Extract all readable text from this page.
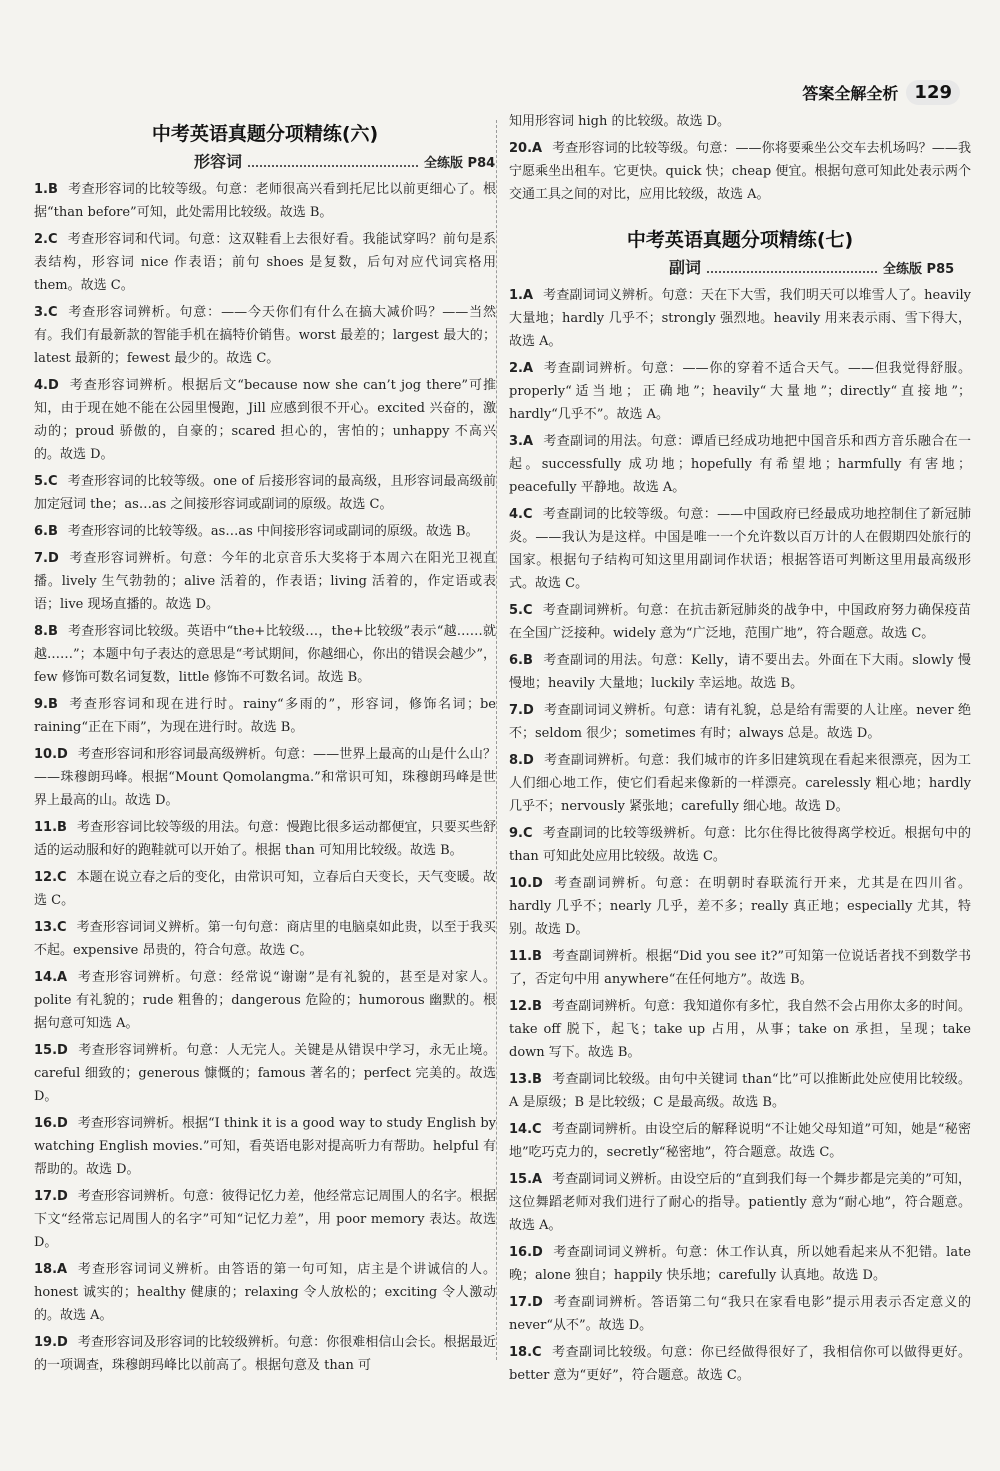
答案全解全析 129
中考英语真题分项精练(六)
形容词	全练版 P84
1.B 考查形容词的比较等级。句意：老师很高兴看到托尼比以前更细心了。根据“than before”可知，此处需用比较级。故选 B。
2.C 考查形容词和代词。句意：这双鞋看上去很好看。我能试穿吗？前句是系表结构，形容词 nice 作表语；前句 shoes 是复数，后句对应代词宾格用 them。故选 C。
3.C 考查形容词辨析。句意：——今天你们有什么在搞大减价吗？——当然有。我们有最新款的智能手机在搞特价销售。worst 最差的；largest 最大的；latest 最新的；fewest 最少的。故选 C。
4.D 考查形容词辨析。根据后文“because now she can’t jog there”可推知，由于现在她不能在公园里慢跑，Jill 应感到很不开心。excited 兴奋的，激动的；proud 骄傲的，自豪的；scared 担心的，害怕的；unhappy 不高兴的。故选 D。
5.C 考查形容词的比较等级。one of 后接形容词的最高级，且形容词最高级前加定冠词 the；as…as 之间接形容词或副词的原级。故选 C。
6.B 考查形容词的比较等级。as…as 中间接形容词或副词的原级。故选 B。
7.D 考查形容词辨析。句意：今年的北京音乐大奖将于本周六在阳光卫视直播。lively 生气勃勃的；alive 活着的，作表语；living 活着的，作定语或表语；live 现场直播的。故选 D。
8.B 考查形容词比较级。英语中“the+比较级…，the+比较级”表示“越……就越……”；本题中句子表达的意思是“考试期间，你越细心，你出的错误会越少”，few 修饰可数名词复数，little 修饰不可数名词。故选 B。
9.B 考查形容词和现在进行时。rainy“多雨的”，形容词，修饰名词；be raining“正在下雨”，为现在进行时。故选 B。
10.D 考查形容词和形容词最高级辨析。句意：——世界上最高的山是什么山？——珠穆朗玛峰。根据“Mount Qomolangma.”和常识可知，珠穆朗玛峰是世界上最高的山。故选 D。
11.B 考查形容词比较等级的用法。句意：慢跑比很多运动都便宜，只要买些舒适的运动服和好的跑鞋就可以开始了。根据 than 可知用比较级。故选 B。
12.C 本题在说立春之后的变化，由常识可知，立春后白天变长，天气变暖。故选 C。
13.C 考查形容词词义辨析。第一句句意：商店里的电脑桌如此贵，以至于我买不起。expensive 昂贵的，符合句意。故选 C。
14.A 考查形容词辨析。句意：经常说“谢谢”是有礼貌的，甚至是对家人。polite 有礼貌的；rude 粗鲁的；dangerous 危险的；humorous 幽默的。根据句意可知选 A。
15.D 考查形容词辨析。句意：人无完人。关键是从错误中学习，永无止境。careful 细致的；generous 慷慨的；famous 著名的；perfect 完美的。故选 D。
16.D 考查形容词辨析。根据“I think it is a good way to study English by watching English movies.”可知，看英语电影对提高听力有帮助。helpful 有帮助的。故选 D。
17.D 考查形容词辨析。句意：彼得记忆力差，他经常忘记周围人的名字。根据下文“经常忘记周围人的名字”可知“记忆力差”，用 poor memory 表达。故选 D。
18.A 考查形容词词义辨析。由答语的第一句可知，店主是个讲诚信的人。honest 诚实的；healthy 健康的；relaxing 令人放松的；exciting 令人激动的。故选 A。
19.D 考查形容词及形容词的比较级辨析。句意：你很难相信山会长。根据最近的一项调查，珠穆朗玛峰比以前高了。根据句意及 than 可
知用形容词 high 的比较级。故选 D。
20.A 考查形容词的比较等级。句意：——你将要乘坐公交车去机场吗？——我宁愿乘坐出租车。它更快。quick 快；cheap 便宜。根据句意可知此处表示两个交通工具之间的对比，应用比较级，故选 A。
中考英语真题分项精练(七)
副词	全练版 P85
1.A 考查副词词义辨析。句意：天在下大雪，我们明天可以堆雪人了。heavily 大量地；hardly 几乎不；strongly 强烈地。heavily 用来表示雨、雪下得大，故选 A。
2.A 考查副词辨析。句意：——你的穿着不适合天气。——但我觉得舒服。properly“适当地；正确地”；heavily“大量地”；directly“直接地”；hardly“几乎不”。故选 A。
3.A 考查副词的用法。句意：谭盾已经成功地把中国音乐和西方音乐融合在一起。successfully 成功地；hopefully 有希望地；harmfully 有害地；peacefully 平静地。故选 A。
4.C 考查副词的比较等级。句意：——中国政府已经最成功地控制住了新冠肺炎。——我认为是这样。中国是唯一一个允许数以百万计的人在假期四处旅行的国家。根据句子结构可知这里用副词作状语；根据答语可判断这里用最高级形式。故选 C。
5.C 考查副词辨析。句意：在抗击新冠肺炎的战争中，中国政府努力确保疫苗在全国广泛接种。widely 意为“广泛地，范围广地”，符合题意。故选 C。
6.B 考查副词的用法。句意：Kelly，请不要出去。外面在下大雨。slowly 慢慢地；heavily 大量地；luckily 幸运地。故选 B。
7.D 考查副词词义辨析。句意：请有礼貌，总是给有需要的人让座。never 绝不；seldom 很少；sometimes 有时；always 总是。故选 D。
8.D 考查副词辨析。句意：我们城市的许多旧建筑现在看起来很漂亮，因为工人们细心地工作，使它们看起来像新的一样漂亮。carelessly 粗心地；hardly 几乎不；nervously 紧张地；carefully 细心地。故选 D。
9.C 考查副词的比较等级辨析。句意：比尔住得比彼得离学校近。根据句中的 than 可知此处应用比较级。故选 C。
10.D 考查副词辨析。句意：在明朝时春联流行开来，尤其是在四川省。hardly 几乎不；nearly 几乎，差不多；really 真正地；especially 尤其，特别。故选 D。
11.B 考查副词辨析。根据“Did you see it?”可知第一位说话者找不到数学书了，否定句中用 anywhere“在任何地方”。故选 B。
12.B 考查副词辨析。句意：我知道你有多忙，我自然不会占用你太多的时间。take off 脱下，起飞；take up 占用，从事；take on 承担，呈现；take down 写下。故选 B。
13.B 考查副词比较级。由句中关键词 than“比”可以推断此处应使用比较级。A 是原级；B 是比较级；C 是最高级。故选 B。
14.C 考查副词辨析。由设空后的解释说明“不让她父母知道”可知，她是“秘密地”吃巧克力的，secretly“秘密地”，符合题意。故选 C。
15.A 考查副词词义辨析。由设空后的“直到我们每一个舞步都是完美的”可知，这位舞蹈老师对我们进行了耐心的指导。patiently 意为“耐心地”，符合题意。故选 A。
16.D 考查副词词义辨析。句意：休工作认真，所以她看起来从不犯错。late 晚；alone 独自；happily 快乐地；carefully 认真地。故选 D。
17.D 考查副词辨析。答语第二句“我只在家看电影”提示用表示否定意义的 never“从不”。故选 D。
18.C 考查副词比较级。句意：你已经做得很好了，我相信你可以做得更好。better 意为“更好”，符合题意。故选 C。
